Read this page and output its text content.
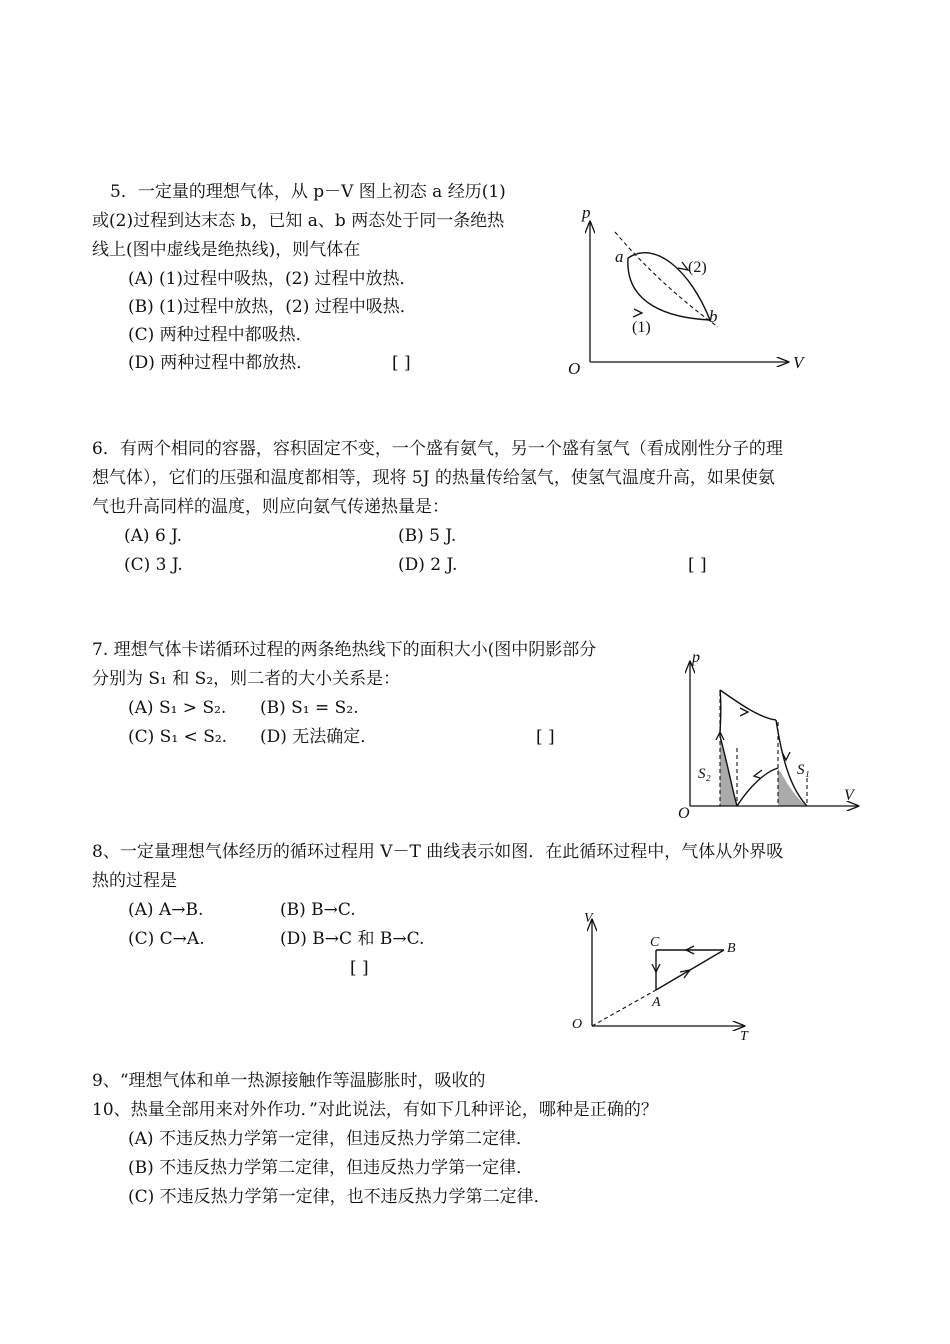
5．一定量的理想气体，从 p－V 图上初态 a 经历(1)
或(2)过程到达末态 b，已知 a、b 两态处于同一条绝热
线上(图中虚线是绝热线)，则气体在
(A) (1)过程中吸热，(2) 过程中放热．
(B) (1)过程中放热，(2) 过程中吸热．
(C) 两种过程中都吸热．
(D) 两种过程中都放热．	[ ]
p
V
O
a
b
(2)
(1)
6．有两个相同的容器，容积固定不变，一个盛有氨气，另一个盛有氢气（看成刚性分子的理
想气体），它们的压强和温度都相等，现将 5J 的热量传给氢气，使氢气温度升高，如果使氨
气也升高同样的温度，则应向氨气传递热量是：
(A) 6 J.	(B) 5 J.
(C) 3 J.	(D) 2 J.	[ ]
7. 理想气体卡诺循环过程的两条绝热线下的面积大小(图中阴影部分
分别为 S₁ 和 S₂，则二者的大小关系是：
(A) S₁ > S₂. (B) S₁ = S₂.
(C) S₁ < S₂. (D) 无法确定．	[ ]
p
V
O
S₂	S₁
8、一定量理想气体经历的循环过程用 V－T 曲线表示如图．在此循环过程中，气体从外界吸
热的过程是
(A) A→B.	(B) B→C.
(C) C→A.	(D) B→C 和 B→C.
[ ]
V
T
O
C	B
A
9、“理想气体和单一热源接触作等温膨胀时，吸收的
10、热量全部用来对外作功．”对此说法，有如下几种评论，哪种是正确的？
(A) 不违反热力学第一定律，但违反热力学第二定律．
(B) 不违反热力学第二定律，但违反热力学第一定律．
(C) 不违反热力学第一定律，也不违反热力学第二定律．
